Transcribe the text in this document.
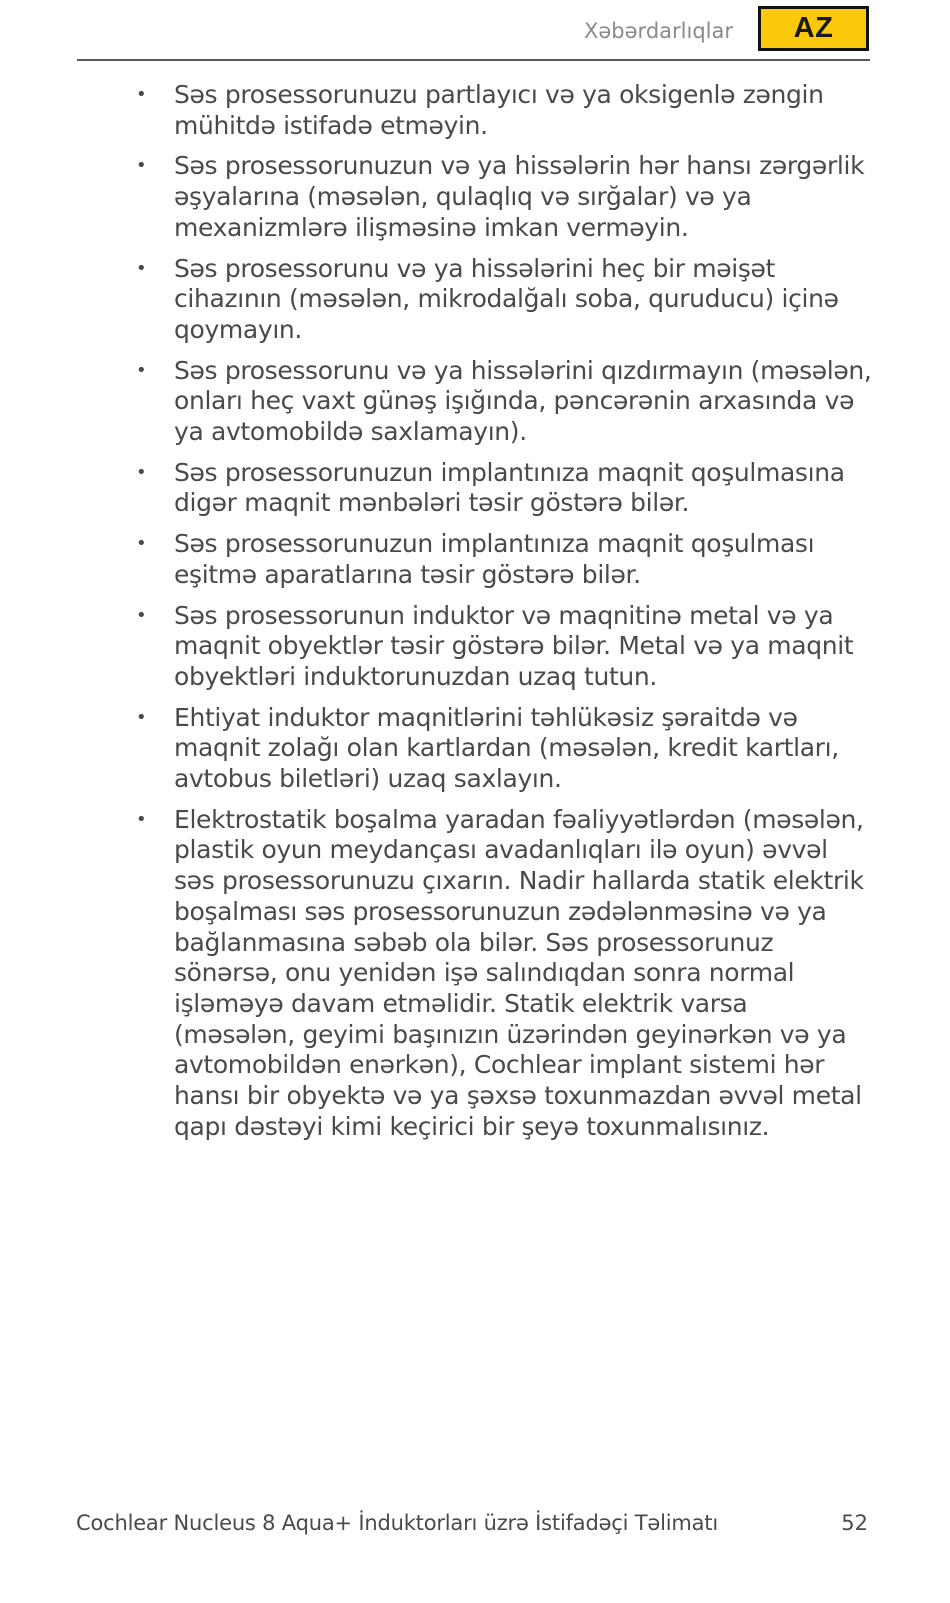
Xəbərdarlıqlar	AZ
• Səs prosessorunuzu partlayıcı və ya oksigenlə zəngin mühitdə istifadə etməyin.
• Səs prosessorunuzun və ya hissələrin hər hansı zərgərlik əşyalarına (məsələn, qulaqlıq və sırğalar) və ya mexanizmlərə ilişməsinə imkan verməyin.
• Səs prosessorunu və ya hissələrini heç bir məişət cihazının (məsələn, mikrodalğalı soba, quruducu) içinə qoymayın.
• Səs prosessorunu və ya hissələrini qızdırmayın (məsələn, onları heç vaxt günəş işığında, pəncərənin arxasında və ya avtomobildə saxlamayın).
• Səs prosessorunuzun implantınıza maqnit qoşulmasına digər maqnit mənbələri təsir göstərə bilər.
• Səs prosessorunuzun implantınıza maqnit qoşulması eşitmə aparatlarına təsir göstərə bilər.
• Səs prosessorunun induktor və maqnitinə metal və ya maqnit obyektlər təsir göstərə bilər. Metal və ya maqnit obyektləri induktorunuzdan uzaq tutun.
• Ehtiyat induktor maqnitlərini təhlükəsiz şəraitdə və maqnit zolağı olan kartlardan (məsələn, kredit kartları, avtobus biletləri) uzaq saxlayın.
• Elektrostatik boşalma yaradan fəaliyyətlərdən (məsələn, plastik oyun meydançası avadanlıqları ilə oyun) əvvəl səs prosessorunuzu çıxarın. Nadir hallarda statik elektrik boşalması səs prosessorunuzun zədələnməsinə və ya bağlanmasına səbəb ola bilər. Səs prosessorunuz sönərsə, onu yenidən işə salındıqdan sonra normal işləməyə davam etməlidir. Statik elektrik varsa (məsələn, geyimi başınızın üzərindən geyinərkən və ya avtomobildən enərkən), Cochlear implant sistemi hər hansı bir obyektə və ya şəxsə toxunmazdan əvvəl metal qapı dəstəyi kimi keçirici bir şeyə toxunmalısınız.
Cochlear Nucleus 8 Aqua+ İnduktorları üzrə İstifadəçi Təlimatı	52
